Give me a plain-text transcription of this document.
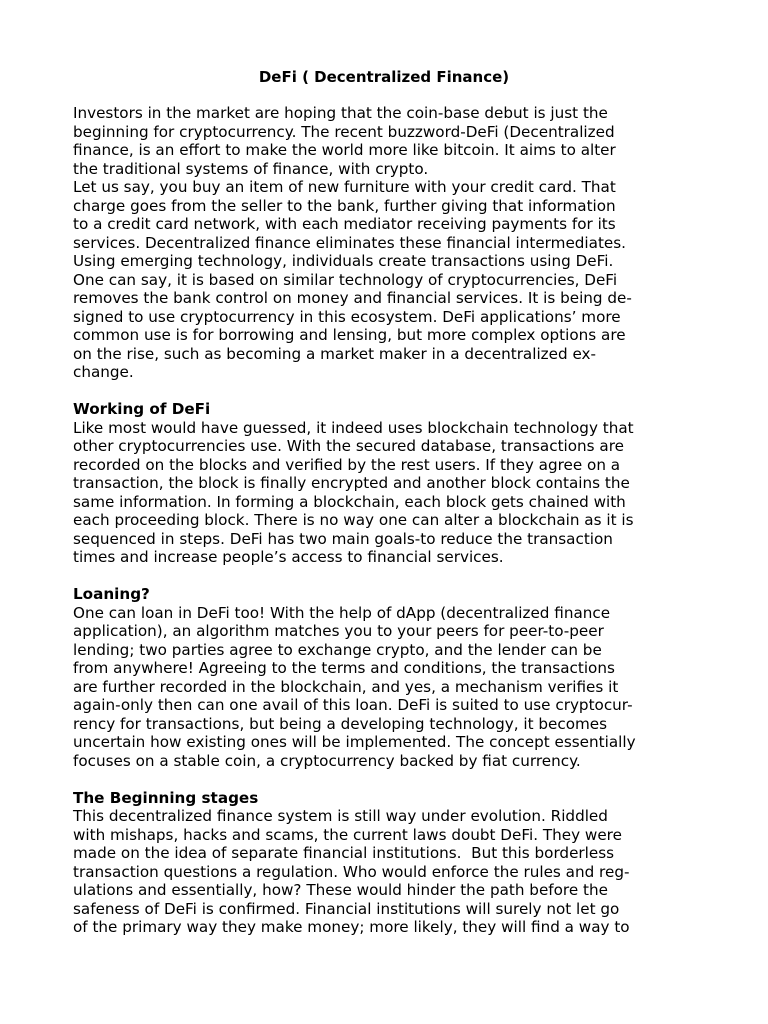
DeFi ( Decentralized Finance)
Investors in the market are hoping that the coin-base debut is just the
beginning for cryptocurrency. The recent buzzword-DeFi (Decentralized
finance, is an effort to make the world more like bitcoin. It aims to alter
the traditional systems of finance, with crypto.
Let us say, you buy an item of new furniture with your credit card. That
charge goes from the seller to the bank, further giving that information
to a credit card network, with each mediator receiving payments for its
services. Decentralized finance eliminates these financial intermediates.
Using emerging technology, individuals create transactions using DeFi.
One can say, it is based on similar technology of cryptocurrencies, DeFi
removes the bank control on money and financial services. It is being de-
signed to use cryptocurrency in this ecosystem. DeFi applications’ more
common use is for borrowing and lensing, but more complex options are
on the rise, such as becoming a market maker in a decentralized ex-
change.
Working of DeFi
Like most would have guessed, it indeed uses blockchain technology that
other cryptocurrencies use. With the secured database, transactions are
recorded on the blocks and verified by the rest users. If they agree on a
transaction, the block is finally encrypted and another block contains the
same information. In forming a blockchain, each block gets chained with
each proceeding block. There is no way one can alter a blockchain as it is
sequenced in steps. DeFi has two main goals-to reduce the transaction
times and increase people’s access to financial services.
Loaning?
One can loan in DeFi too! With the help of dApp (decentralized finance
application), an algorithm matches you to your peers for peer-to-peer
lending; two parties agree to exchange crypto, and the lender can be
from anywhere! Agreeing to the terms and conditions, the transactions
are further recorded in the blockchain, and yes, a mechanism verifies it
again-only then can one avail of this loan. DeFi is suited to use cryptocur-
rency for transactions, but being a developing technology, it becomes
uncertain how existing ones will be implemented. The concept essentially
focuses on a stable coin, a cryptocurrency backed by fiat currency.
The Beginning stages
This decentralized finance system is still way under evolution. Riddled
with mishaps, hacks and scams, the current laws doubt DeFi. They were
made on the idea of separate financial institutions.  But this borderless
transaction questions a regulation. Who would enforce the rules and reg-
ulations and essentially, how? These would hinder the path before the
safeness of DeFi is confirmed. Financial institutions will surely not let go
of the primary way they make money; more likely, they will find a way to
